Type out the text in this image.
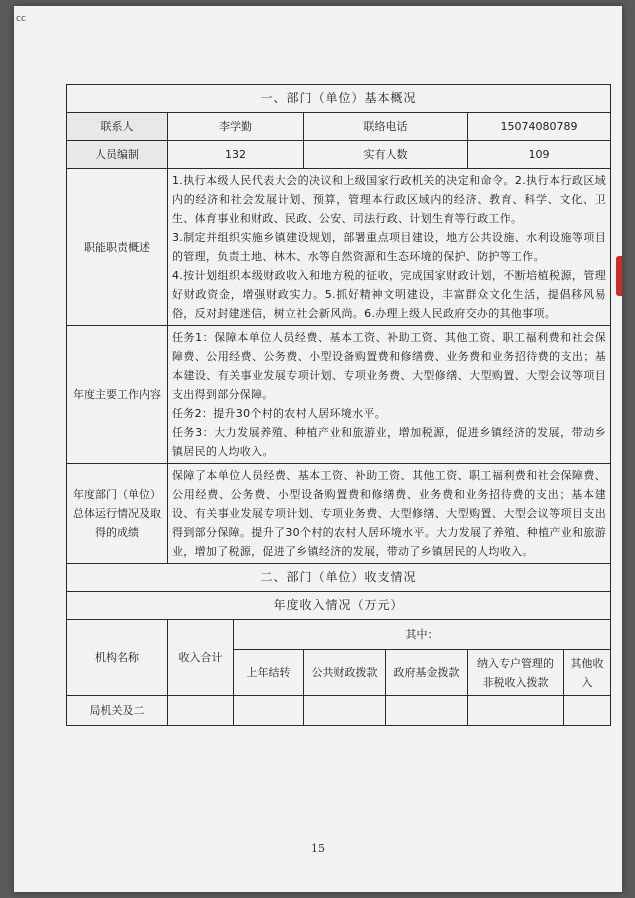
cc
一、部门（单位）基本概况						
联系人	李学勤		联络电话		15074080789	
人员编制	132		实有人数		109	
职能职责概述	1.执行本级人民代表大会的决议和上级国家行政机关的决定和命令。2.执行本行政区域内的经济和社会发展计划、预算，管理本行政区域内的经济、教育、科学、文化、卫生、体育事业和财政、民政、公安、司法行政、计划生育等行政工作。

3.制定并组织实施乡镇建设规划，部署重点项目建设，地方公共设施、水利设施等项目的管理，负责土地、林木、水等自然资源和生态环境的保护、防护等工作。

4.按计划组织本级财政收入和地方税的征收，完成国家财政计划，不断培植税源，管理好财政资金，增强财政实力。5.抓好精神文明建设，丰富群众文化生活，提倡移风易俗，反对封建迷信，树立社会新风尚。6.办理上级人民政府交办的其他事项。					

年度主要工作内容	任务1：保障本单位人员经费、基本工资、补助工资、其他工资、职工福利费和社会保障费、公用经费、公务费、小型设备购置费和修缮费、业务费和业务招待费的支出；基本建设、有关事业发展专项计划、专项业务费、大型修缮、大型购置、大型会议等项目支出得到部分保障。

任务2：提升30个村的农村人居环境水平。

任务3：大力发展养殖、种植产业和旅游业，增加税源，促进乡镇经济的发展，带动乡镇居民的人均收入。					

年度部门（单位）总体运行情况及取得的成绩	保障了本单位人员经费、基本工资、补助工资、其他工资、职工福利费和社会保障费、公用经费、公务费、小型设备购置费和修缮费、业务费和业务招待费的支出；基本建设、有关事业发展专项计划、专项业务费、大型修缮、大型购置、大型会议等项目支出得到部分保障。提升了30个村的农村人居环境水平。大力发展了养殖、种植产业和旅游业，增加了税源，促进了乡镇经济的发展，带动了乡镇居民的人均收入。					
二、部门（单位）收支情况						
年度收入情况（万元）						
机构名称	收入合计	其中：				
		上年结转	公共财政拨款	政府基金拨款	纳入专户管理的非税收入拨款	其他收入
局机关及二						
15
